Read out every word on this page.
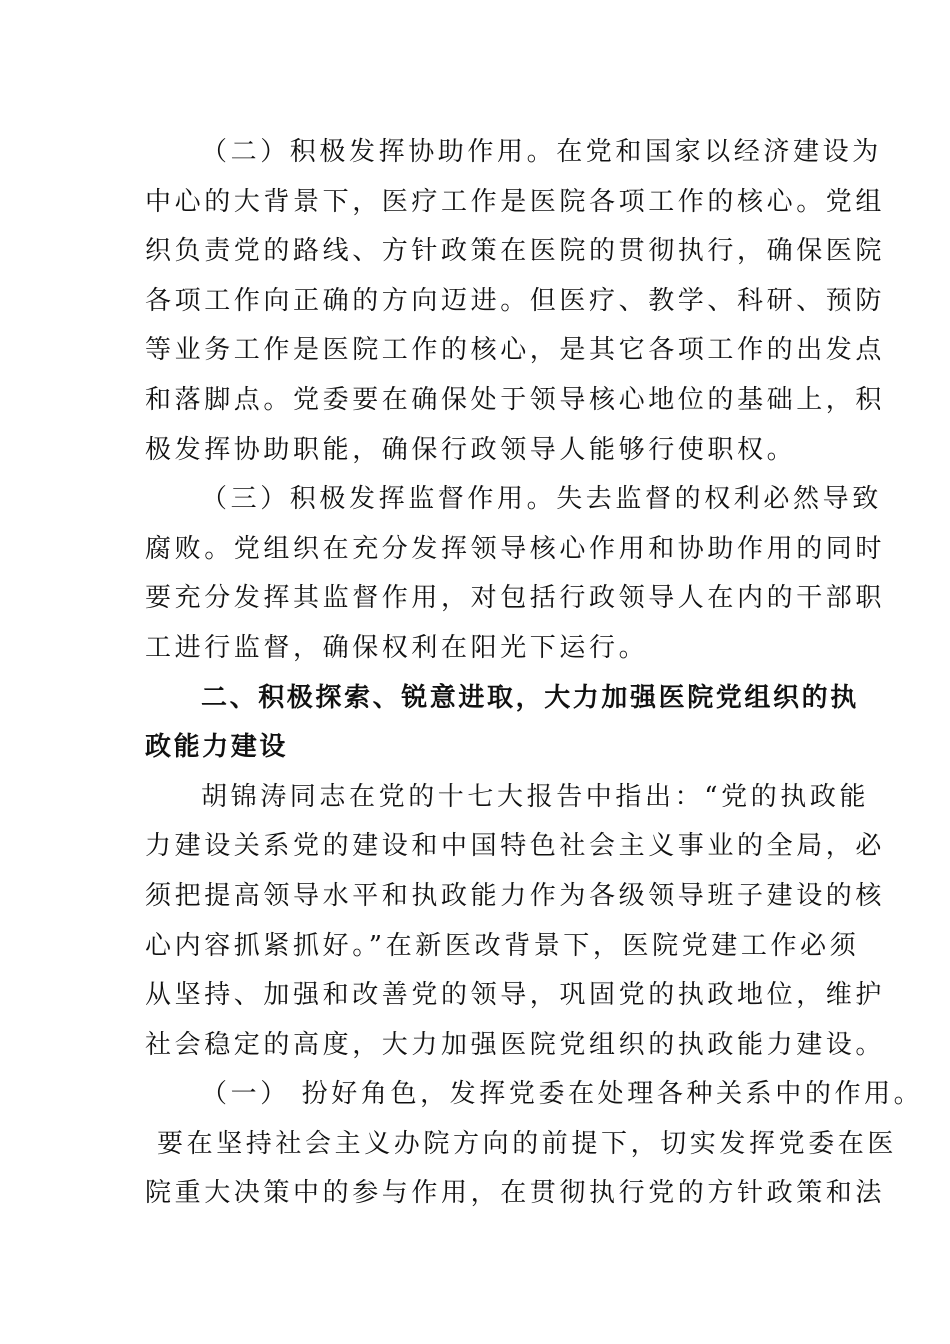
（二）积极发挥协助作用。在党和国家以经济建设为
中心的大背景下，医疗工作是医院各项工作的核心。党组
织负责党的路线、方针政策在医院的贯彻执行，确保医院
各项工作向正确的方向迈进。但医疗、教学、科研、预防
等业务工作是医院工作的核心，是其它各项工作的出发点
和落脚点。党委要在确保处于领导核心地位的基础上，积
极发挥协助职能，确保行政领导人能够行使职权。
（三）积极发挥监督作用。失去监督的权利必然导致
腐败。党组织在充分发挥领导核心作用和协助作用的同时
要充分发挥其监督作用，对包括行政领导人在内的干部职
工进行监督，确保权利在阳光下运行。
二、积极探索、锐意进取，大力加强医院党组织的执
政能力建设
胡锦涛同志在党的十七大报告中指出：“党的执政能
力建设关系党的建设和中国特色社会主义事业的全局，必
须把提高领导水平和执政能力作为各级领导班子建设的核
心内容抓紧抓好。”在新医改背景下，医院党建工作必须
从坚持、加强和改善党的领导，巩固党的执政地位，维护
社会稳定的高度，大力加强医院党组织的执政能力建设。
（一） 扮好角色，发挥党委在处理各种关系中的作用。
要在坚持社会主义办院方向的前提下，切实发挥党委在医
院重大决策中的参与作用，在贯彻执行党的方针政策和法
